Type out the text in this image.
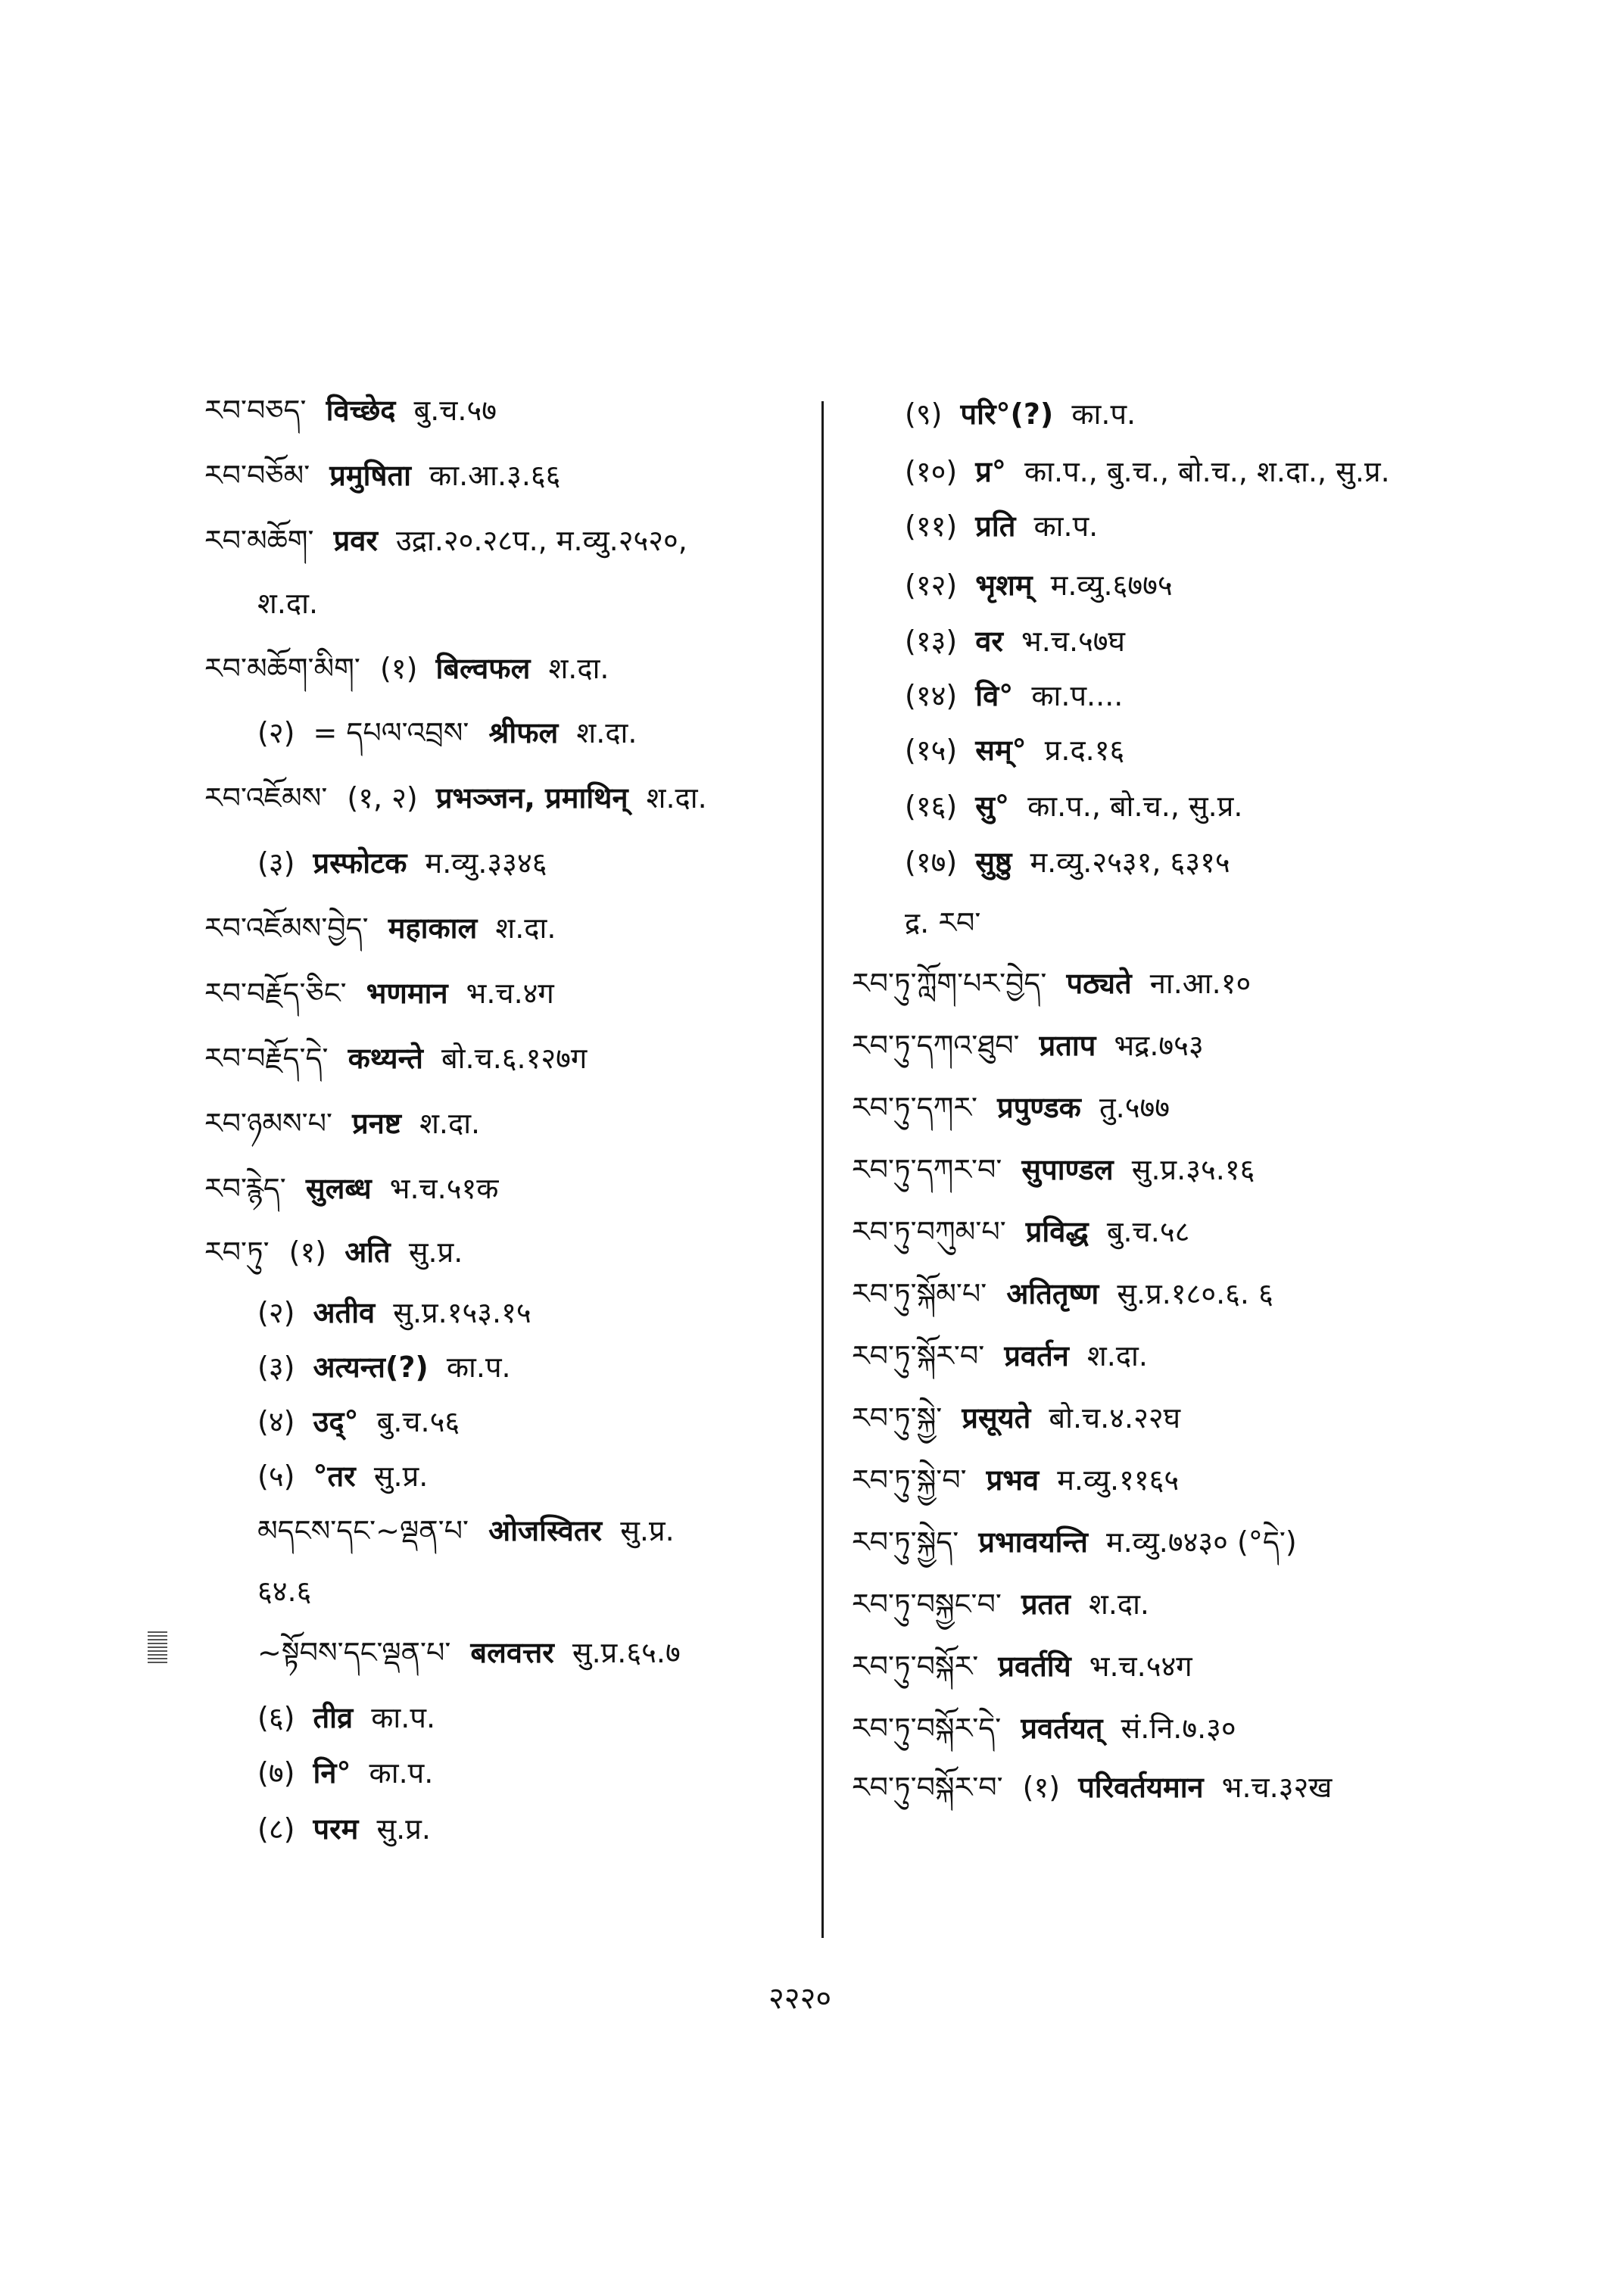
རབ་བཅད་ विच्छेद बु.च.५७
རབ་བཅོམ་ प्रमुषिता का.आ.३.६६
རབ་མཆོག་ प्रवर उद्रा.२०.२८प., म.व्यु.२५२०,
श.दा.
རབ་མཆོག་མིག་ (१) बिल्वफल श.दा.
(२) = དཔལ་འབྲས་ श्रीफल श.दा.
རབ་འཇོམས་ (१, २) प्रभञ्जन, प्रमाथिन् श.दा.
(३) प्रस्फोटक म.व्यु.३३४६
རབ་འཇོམས་བྱེད་ महाकाल श.दा.
རབ་བརྗོད་ཅིང་ भणमान भ.च.४ग
རབ་བརྗོད་དེ་ कथ्यन्ते बो.च.६.१२७ग
རབ་ཉམས་པ་ प्रनष्ट श.दा.
རབ་རྙེད་ सुलब्ध भ.च.५१क
རབ་ཏུ་ (१) अति सु.प्र.
(२) अतीव सु.प्र.१५३.१५
(३) अत्यन्त(?) का.प.
(४) उद्° बु.च.५६
(५) °तर सु.प्र.
མདངས་དང་~ལྡན་པ་ ओजस्वितर सु.प्र.
६४.६
~སྟོབས་དང་ལྡན་པ་ बलवत्तर सु.प्र.६५.७
(६) तीव्र का.प.
(७) नि° का.प.
(८) परम सु.प्र.
(९) परि°(?) का.प.
(१०) प्र° का.प., बु.च., बो.च., श.दा., सु.प्र.
(११) प्रति का.प.
(१२) भृशम् म.व्यु.६७७५
(१३) वर भ.च.५७घ
(१४) वि° का.प....
(१५) सम्° प्र.द.१६
(१६) सु° का.प., बो.च., सु.प्र.
(१७) सुष्ठु म.व्यु.२५३१, ६३१५
द्र. རབ་
རབ་ཏུ་ཀློག་པར་བྱེད་ पठ्यते ना.आ.१०
རབ་ཏུ་དཀའ་ཐུབ་ प्रताप भद्र.७५३
རབ་ཏུ་དཀར་ प्रपुण्डक तु.५७७
རབ་ཏུ་དཀར་བ་ सुपाण्डल सु.प्र.३५.१६
རབ་ཏུ་བཀུམ་པ་ प्रविद्ध बु.च.५८
རབ་ཏུ་སྐོམ་པ་ अतितृष्ण सु.प्र.१८०.६. ६
རབ་ཏུ་སྐོར་བ་ प्रवर्तन श.दा.
རབ་ཏུ་སྐྱེ་ प्रसूयते बो.च.४.२२घ
རབ་ཏུ་སྐྱེ་བ་ प्रभव म.व्यु.११६५
རབ་ཏུ་སྐྱེད་ प्रभावयन्ति म.व्यु.७४३० (°དེ་)
རབ་ཏུ་བསྐྱང་བ་ प्रतत श.दा.
རབ་ཏུ་བསྐོར་ प्रवर्तयि भ.च.५४ग
རབ་ཏུ་བསྐོར་དེ་ प्रवर्तयत् सं.नि.७.३०
རབ་ཏུ་བསྐོར་བ་ (१) परिवर्तयमान भ.च.३२ख
२२२०
